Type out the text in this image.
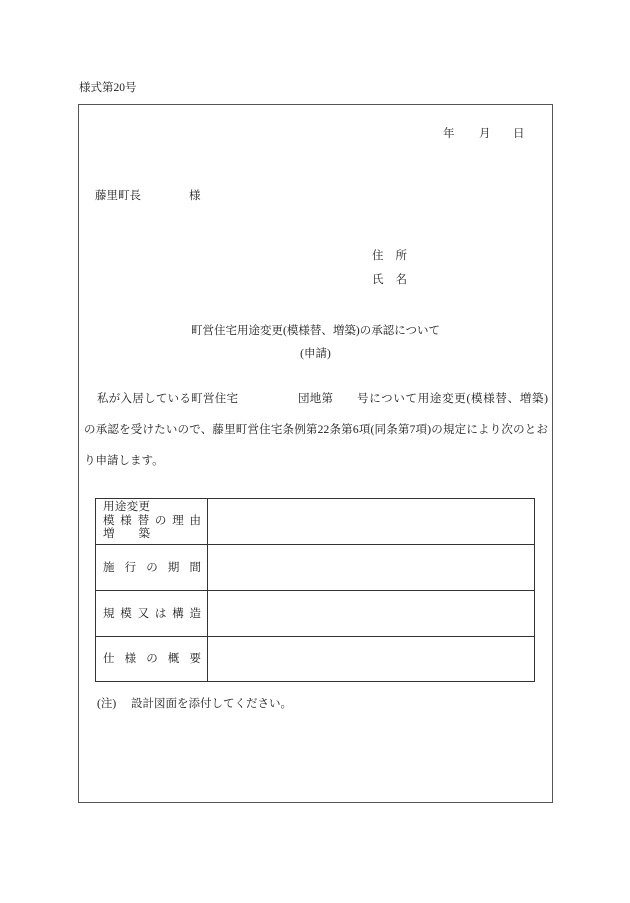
様式第20号
年 月 日
藤里町長	様
住所
氏名
町営住宅用途変更(模様替、増築)の承認について
(申請)
私が入居している町営住宅	団地第 号について用途変更(模様替、増築)
の承認を受けたいので、藤里町営住宅条例第22条第6項(同条第7項)の規定により次のとお
り申請します。
用途変更
模様替の理由
増築
施行の期間
規模又は構造
仕様の概要
(注) 設計図面を添付してください。
